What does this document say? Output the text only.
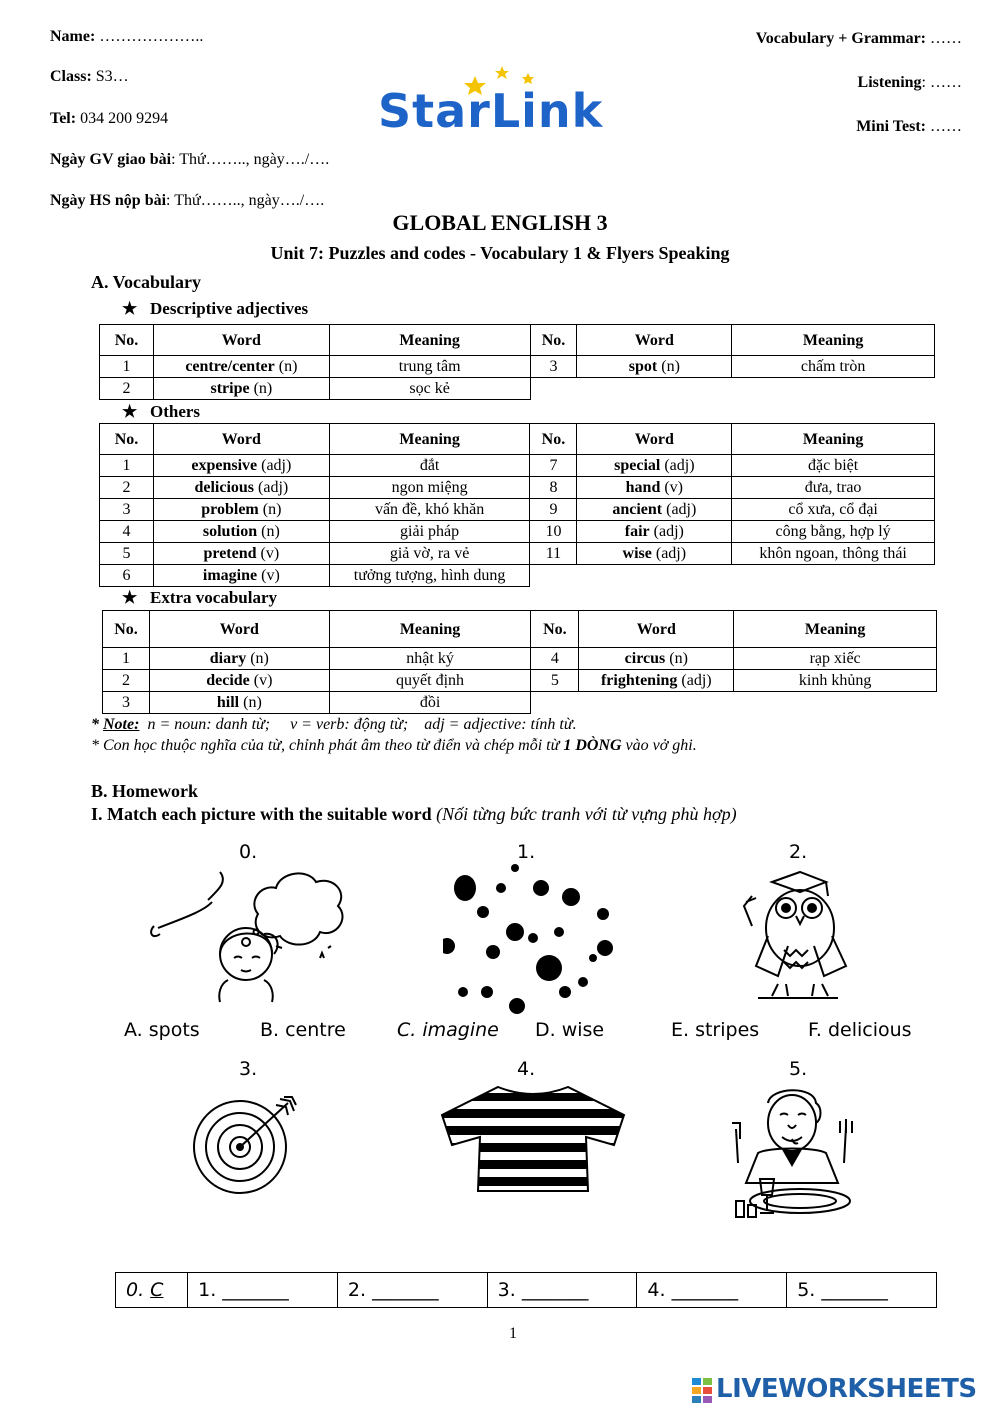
Name: ………………..
Class: S3…
Tel: 034 200 9294
Ngày GV giao bài: Thứ…….., ngày…./….
Ngày HS nộp bài: Thứ…….., ngày…./….
Vocabulary + Grammar: ……
Listening: ……
Mini Test: ……
StarLink
GLOBAL ENGLISH 3
Unit 7: Puzzles and codes - Vocabulary 1 & Flyers Speaking
A. Vocabulary
★   Descriptive adjectives
No.	Word	Meaning	No.	Word	Meaning
1	centre/center (n)	trung tâm	3	spot (n)	chấm tròn
2	stripe (n)	sọc kẻ			
★   Others
No.	Word	Meaning	No.	Word	Meaning
1	expensive (adj)	đắt	7	special (adj)	đặc biệt
2	delicious (adj)	ngon miệng	8	hand (v)	đưa, trao
3	problem (n)	vấn đề, khó khăn	9	ancient (adj)	cổ xưa, cổ đại
4	solution (n)	giải pháp	10	fair (adj)	công bằng, hợp lý
5	pretend (v)	giả vờ, ra vẻ	11	wise (adj)	khôn ngoan, thông thái
6	imagine (v)	tưởng tượng, hình dung			
★   Extra vocabulary
No.	Word	Meaning	No.	Word	Meaning
1	diary (n)	nhật ký	4	circus (n)	rạp xiếc
2	decide (v)	quyết định	5	frightening (adj)	kinh khủng
3	hill (n)	đồi			
* Note:  n = noun: danh từ;     v = verb: động từ;    adj = adjective: tính từ.
* Con học thuộc nghĩa của từ, chỉnh phát âm theo từ điển và chép mỗi từ 1 DÒNG vào vở ghi.
B. Homework
I. Match each picture with the suitable word (Nối từng bức tranh với từ vựng phù hợp)
0.	1.	2.
3.	4.	5.
A. spots	B. centre	C. imagine D. wise	E. stripes	F. delicious
0. C	1. _______	2. _______	3. _______	4. _______	5. _______
1
LIVEWORKSHEETS
